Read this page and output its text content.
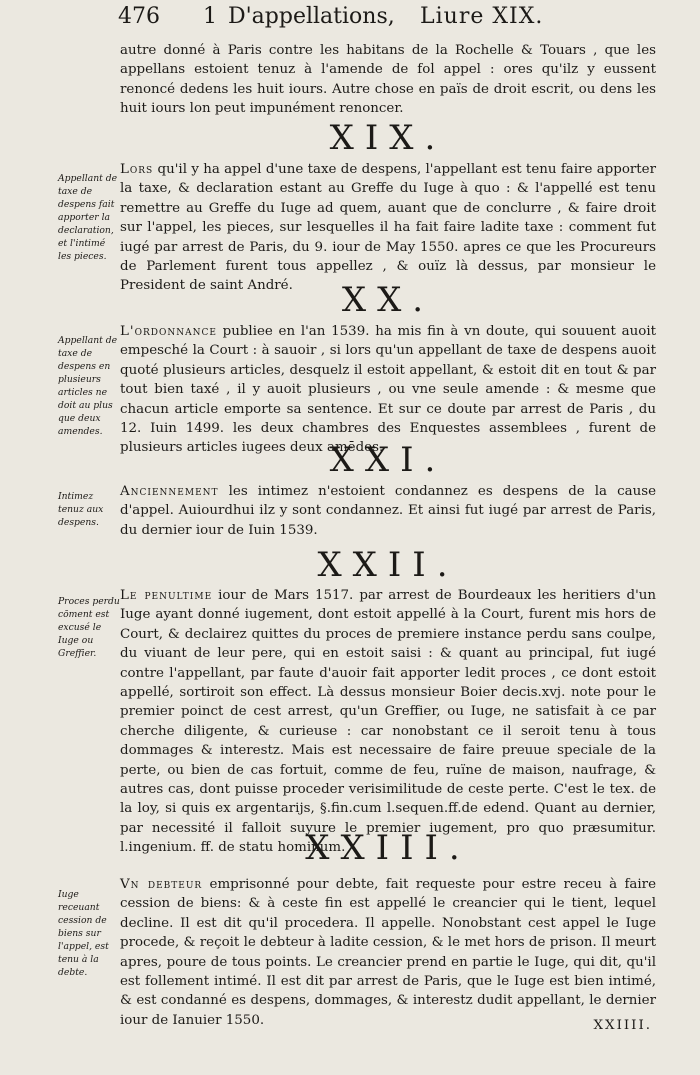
476 1 D'appellations, Liure XIX.

autre donné à Paris contre les habitans de la Rochelle & Touars , que les appellans estoient tenuz à l'amende de fol appel : ores qu'ilz y eussent renoncé dedens les huit iours. Autre chose en païs de droit escrit, ou dens les huit iours lon peut impunément renoncer.

XIX.

Appellant de taxe de despens fait apporter la declaration, et l'intimé les pieces.

Lors qu'il y ha appel d'une taxe de despens, l'appellant est tenu faire apporter la taxe, & declaration estant au Greffe du Iuge à quo : & l'appellé est tenu remettre au Greffe du Iuge ad quem, auant que de conclurre , & faire droit sur l'appel, les pieces, sur lesquelles il ha fait faire ladite taxe : comment fut iugé par arrest de Paris, du 9. iour de May 1550. apres ce que les Procureurs de Parlement furent tous appellez , & ouïz là dessus, par monsieur le President de saint André.	XX.

Appellant de taxe de despens en plusieurs articles ne doit au plus que deux amendes.

L'ordonnance publiee en l'an 1539. ha mis fin à vn doute, qui souuent auoit empesché la Court : à sauoir , si lors qu'un appellant de taxe de despens auoit quoté plusieurs articles, desquelz il estoit appellant, & estoit dit en tout & par tout bien taxé , il y auoit plusieurs , ou vne seule amende : & mesme que chacun article emporte sa sentence. Et sur ce doute par arrest de Paris , du 12. Iuin 1499. les deux chambres des Enquestes assemblees , furent de plusieurs articles iugees deux amēdes.

XXI.

Intimez tenuz aux despens.

Anciennement les intimez n'estoient condannez es despens de la cause d'appel. Auiourdhui ilz y sont condannez. Et ainsi fut iugé par arrest de Paris, du dernier iour de Iuin 1539.

XXII.

Proces perdu cōment est excusé le Iuge ou Greffier.

Le penultime iour de Mars 1517. par arrest de Bourdeaux les heritiers d'un Iuge ayant donné iugement, dont estoit appellé à la Court, furent mis hors de Court, & declairez quittes du proces de premiere instance perdu sans coulpe, du viuant de leur pere, qui en estoit saisi : & quant au principal, fut iugé contre l'appellant, par faute d'auoir fait apporter ledit proces , ce dont estoit appellé, sortiroit son effect. Là dessus monsieur Boier decis.xvj. note pour le premier poinct de cest arrest, qu'un Greffier, ou Iuge, ne satisfait à ce par cherche diligente, & curieuse : car nonobstant ce il seroit tenu à tous dommages & interestz. Mais est necessaire de faire preuue speciale de la perte, ou bien de cas fortuit, comme de feu, ruïne de maison, naufrage, & autres cas, dont puisse proceder verisimilitude de ceste perte. C'est le tex. de la loy, si quis ex argentarijs, §.fin.cum l.sequen.ff.de edend. Quant au dernier, par necessité il falloit suyure le premier iugement, pro quo præsumitur. l.ingenium. ff. de statu hominum.

XXIII.

Iuge receuant cession de biens sur l'appel, est tenu à la debte.

Vn debteur emprisonné pour debte, fait requeste pour estre receu à faire cession de biens: & à ceste fin est appellé le creancier qui le tient, lequel decline. Il est dit qu'il procedera. Il appelle. Nonobstant cest appel le Iuge procede, & reçoit le debteur à ladite cession, & le met hors de prison. Il meurt apres, poure de tous points. Le creancier prend en partie le Iuge, qui dit, qu'il est follement intimé. Il est dit par arrest de Paris, que le Iuge est bien intimé, & est condanné es despens, dommages, & interestz dudit appellant, le dernier iour de Ianuier 1550.	XXIIII.
